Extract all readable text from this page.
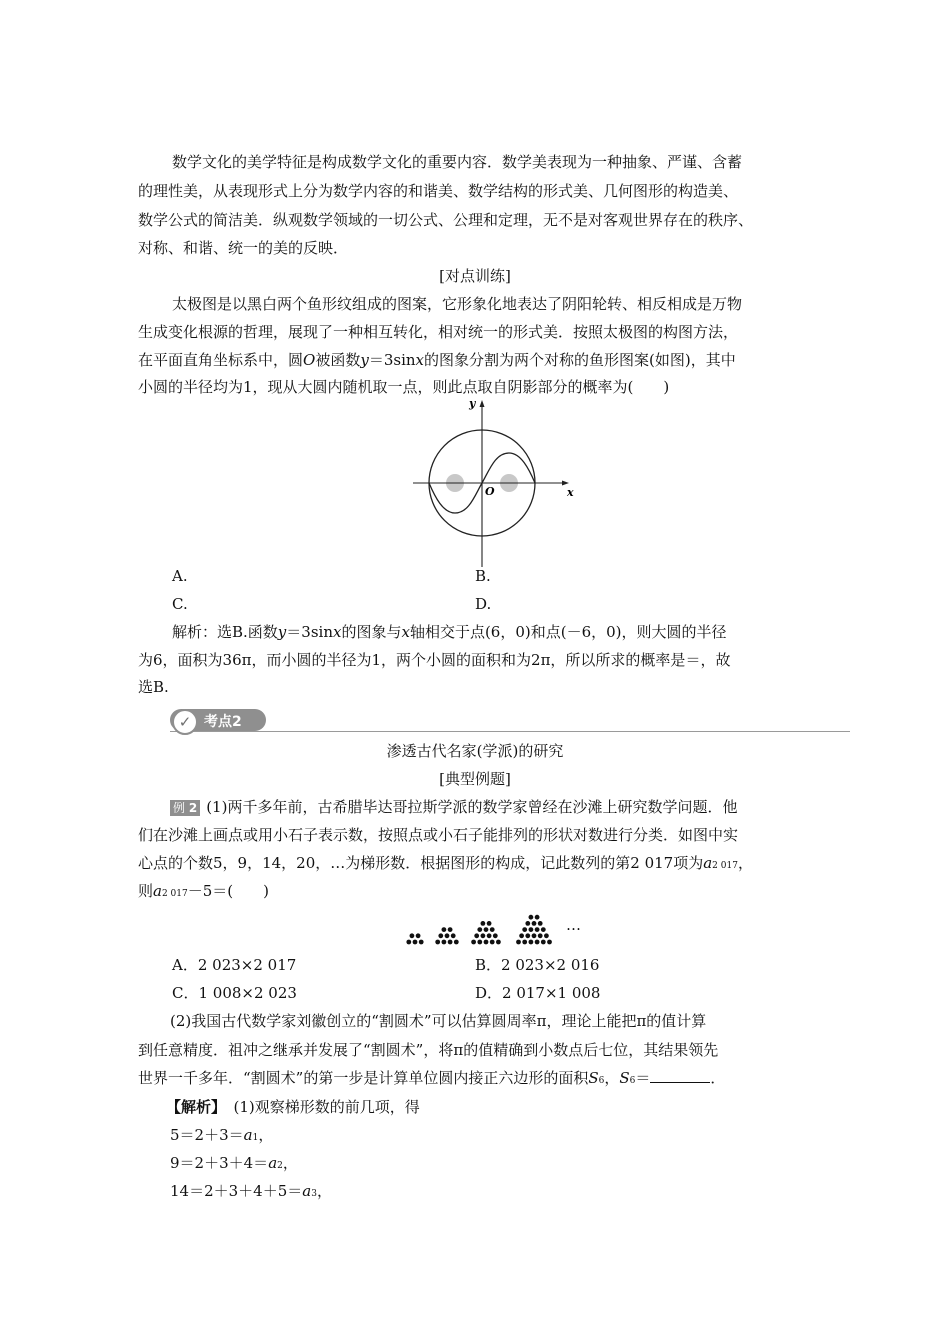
数学文化的美学特征是构成数学文化的重要内容．数学美表现为一种抽象、严谨、含蓄
的理性美，从表现形式上分为数学内容的和谐美、数学结构的形式美、几何图形的构造美、
数学公式的简洁美．纵观数学领域的一切公式、公理和定理，无不是对客观世界存在的秩序、
对称、和谐、统一的美的反映．
[对点训练]
太极图是以黑白两个鱼形纹组成的图案，它形象化地表达了阴阳轮转、相反相成是万物
生成变化根源的哲理，展现了一种相互转化，相对统一的形式美．按照太极图的构图方法，
在平面直角坐标系中，圆O被函数y＝3sinx的图象分割为两个对称的鱼形图案(如图)，其中
小圆的半径均为1，现从大圆内随机取一点，则此点取自阴影部分的概率为(　　)
y
x
O
A.	B.
C.	D.
解析：选B.函数y＝3sinx的图象与x轴相交于点(6，0)和点(－6，0)，则大圆的半径
为6，面积为36π，而小圆的半径为1，两个小圆的面积和为2π，所以所求的概率是＝，故
选B.
✓ 考点2
渗透古代名家(学派)的研究
[典型例题]
例 2 (1)两千多年前，古希腊毕达哥拉斯学派的数学家曾经在沙滩上研究数学问题．他
们在沙滩上画点或用小石子表示数，按照点或小石子能排列的形状对数进行分类．如图中实
心点的个数5，9，14，20，…为梯形数．根据图形的构成，记此数列的第2 017项为a2 017，
则a2 017－5＝(　　)
…
A．2 023×2 017	B．2 023×2 016
C．1 008×2 023	D．2 017×1 008
(2)我国古代数学家刘徽创立的“割圆术”可以估算圆周率π，理论上能把π的值计算
到任意精度．祖冲之继承并发展了“割圆术”，将π的值精确到小数点后七位，其结果领先
世界一千多年．“割圆术”的第一步是计算单位圆内接正六边形的面积S6，S6＝	．
【解析】　(1)观察梯形数的前几项，得
5＝2＋3＝a1，
9＝2＋3＋4＝a2，
14＝2＋3＋4＋5＝a3，
